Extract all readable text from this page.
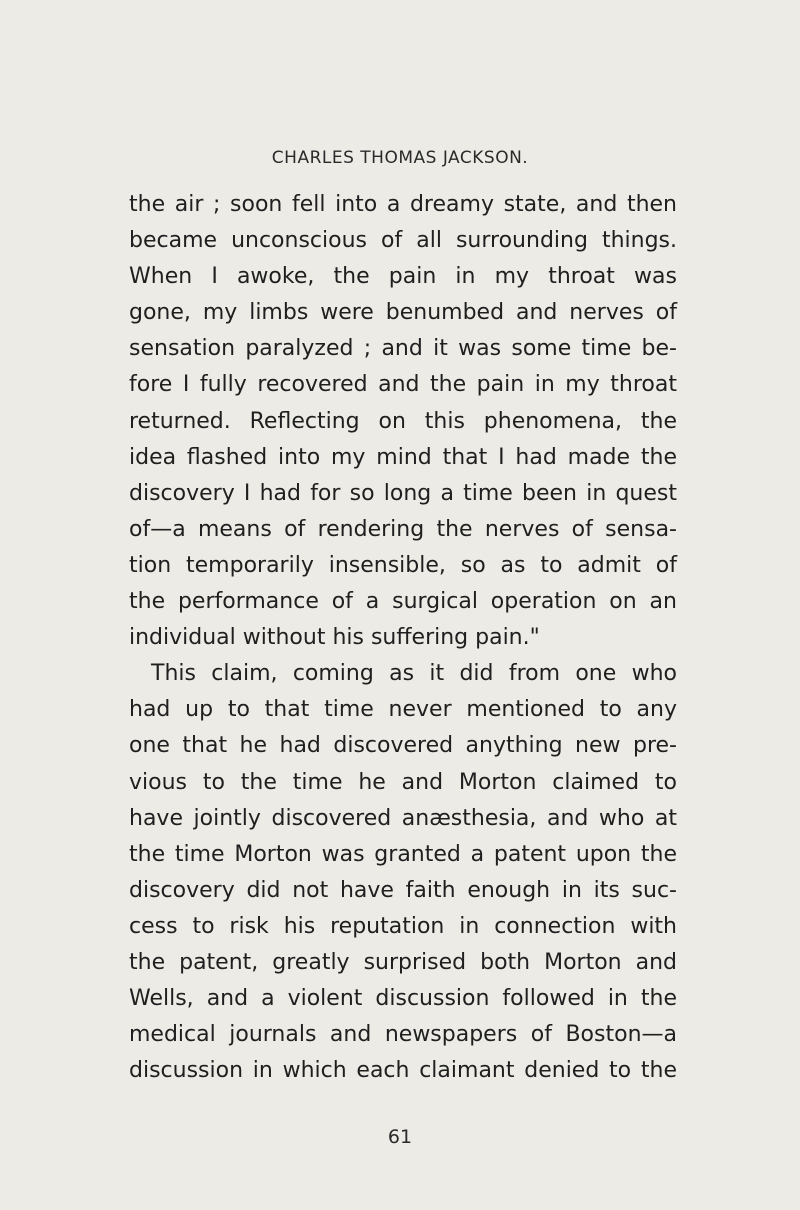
CHARLES THOMAS JACKSON.
the air ; soon fell into a dreamy state, and then
became unconscious of all surrounding things.
When I awoke, the pain in my throat was
gone, my limbs were benumbed and nerves of
sensation paralyzed ; and it was some time be-
fore I fully recovered and the pain in my throat
returned. Reflecting on this phenomena, the
idea flashed into my mind that I had made the
discovery I had for so long a time been in quest
of—a means of rendering the nerves of sensa-
tion temporarily insensible, so as to admit of
the performance of a surgical operation on an
individual without his suffering pain."
This claim, coming as it did from one who
had up to that time never mentioned to any
one that he had discovered anything new pre-
vious to the time he and Morton claimed to
have jointly discovered anæsthesia, and who at
the time Morton was granted a patent upon the
discovery did not have faith enough in its suc-
cess to risk his reputation in connection with
the patent, greatly surprised both Morton and
Wells, and a violent discussion followed in the
medical journals and newspapers of Boston—a
discussion in which each claimant denied to the
61
